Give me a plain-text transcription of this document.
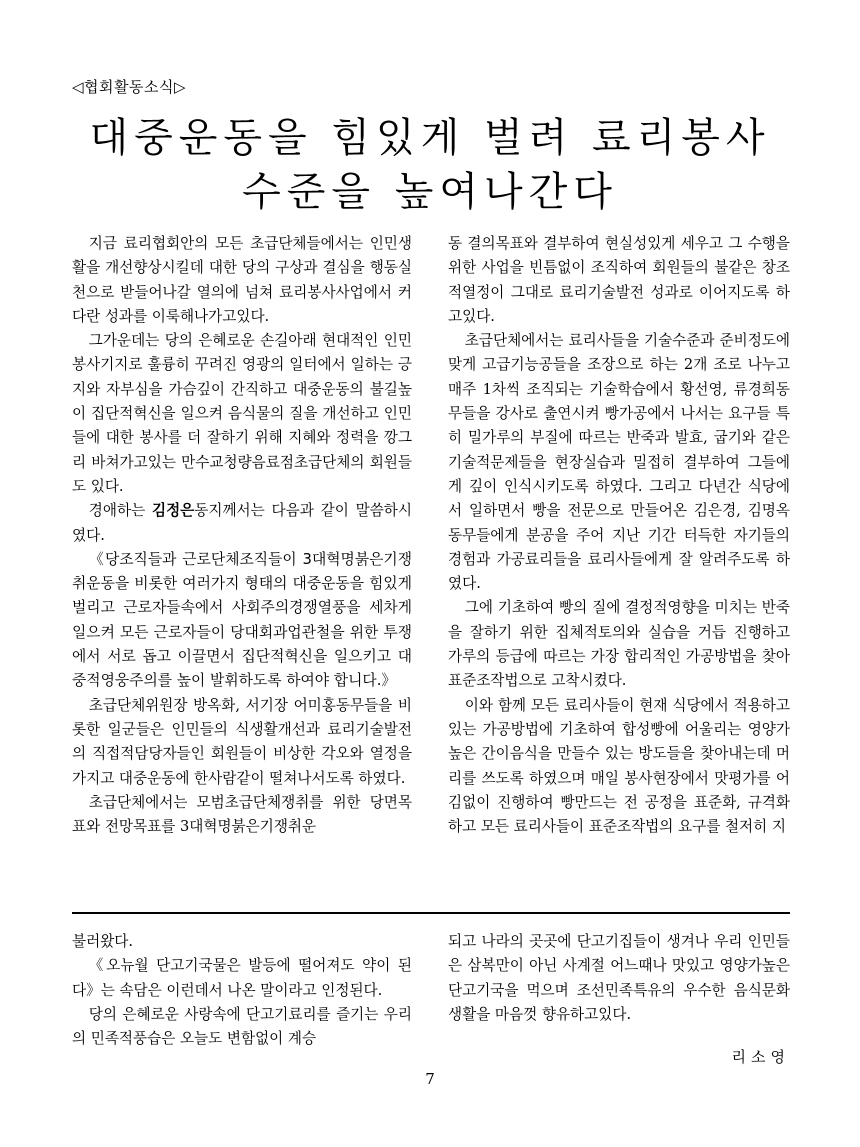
◁협회활동소식▷
대중운동을 힘있게 벌려 료리봉사
수준을 높여나간다

지금 료리협회안의 모든 초급단체들에서는 인민생활을 개선향상시킬데 대한 당의 구상과 결심을 행동실천으로 받들어나갈 열의에 넘쳐 료리봉사사업에서 커다란 성과를 이룩해나가고있다.

그가운데는 당의 은혜로운 손길아래 현대적인 인민봉사기지로 훌륭히 꾸려진 영광의 일터에서 일하는 긍지와 자부심을 가슴깊이 간직하고 대중운동의 불길높이 집단적혁신을 일으켜 음식물의 질을 개선하고 인민들에 대한 봉사를 더 잘하기 위해 지혜와 정력을 깡그리 바쳐가고있는 만수교청량음료점초급단체의 회원들도 있다.

경애하는 김정은동지께서는 다음과 같이 말씀하시였다.

《당조직들과 근로단체조직들이 3대혁명붉은기쟁취운동을 비롯한 여러가지 형태의 대중운동을 힘있게 벌리고 근로자들속에서 사회주의경쟁열풍을 세차게 일으켜 모든 근로자들이 당대회과업관철을 위한 투쟁에서 서로 돕고 이끌면서 집단적혁신을 일으키고 대중적영웅주의를 높이 발휘하도록 하여야 합니다.》

초급단체위원장 방옥화, 서기장 어미홍동무들을 비롯한 일군들은 인민들의 식생활개선과 료리기술발전의 직접적담당자들인 회원들이 비상한 각오와 열정을 가지고 대중운동에 한사람같이 떨쳐나서도록 하였다.

초급단체에서는 모범초급단체쟁취를 위한 당면목표와 전망목표를 3대혁명붉은기쟁취운

동 결의목표와 결부하여 현실성있게 세우고 그 수행을 위한 사업을 빈틈없이 조직하여 회원들의 불같은 창조적열정이 그대로 료리기술발전 성과로 이어지도록 하고있다.

초급단체에서는 료리사들을 기술수준과 준비정도에 맞게 고급기능공들을 조장으로 하는 2개 조로 나누고 매주 1차씩 조직되는 기술학습에서 황선영, 류경희동무들을 강사로 출연시켜 빵가공에서 나서는 요구들 특히 밀가루의 부질에 따르는 반죽과 발효, 굽기와 같은 기술적문제들을 현장실습과 밀접히 결부하여 그들에게 깊이 인식시키도록 하였다. 그리고 다년간 식당에서 일하면서 빵을 전문으로 만들어온 김은경, 김명옥동무들에게 분공을 주어 지난 기간 터득한 자기들의 경험과 가공료리들을 료리사들에게 잘 알려주도록 하였다.

그에 기초하여 빵의 질에 결정적영향을 미치는 반죽을 잘하기 위한 집체적토의와 실습을 거듭 진행하고 가루의 등급에 따르는 가장 합리적인 가공방법을 찾아 표준조작법으로 고착시켰다.

이와 함께 모든 료리사들이 현재 식당에서 적용하고있는 가공방법에 기초하여 합성빵에 어울리는 영양가높은 간이음식을 만들수 있는 방도들을 찾아내는데 머리를 쓰도록 하였으며 매일 봉사현장에서 맛평가를 어김없이 진행하여 빵만드는 전 공정을 표준화, 규격화하고 모든 료리사들이 표준조작법의 요구를 철저히 지

불러왔다.

《오뉴월 단고기국물은 발등에 떨어져도 약이 된다》는 속담은 이런데서 나온 말이라고 인정된다.

당의 은혜로운 사랑속에 단고기료리를 즐기는 우리의 민족적풍습은 오늘도 변함없이 계승

되고 나라의 곳곳에 단고기집들이 생겨나 우리 인민들은 삼복만이 아닌 사계절 어느때나 맛있고 영양가높은 단고기국을 먹으며 조선민족특유의 우수한 음식문화생활을 마음껏 향유하고있다.

리소영
7
